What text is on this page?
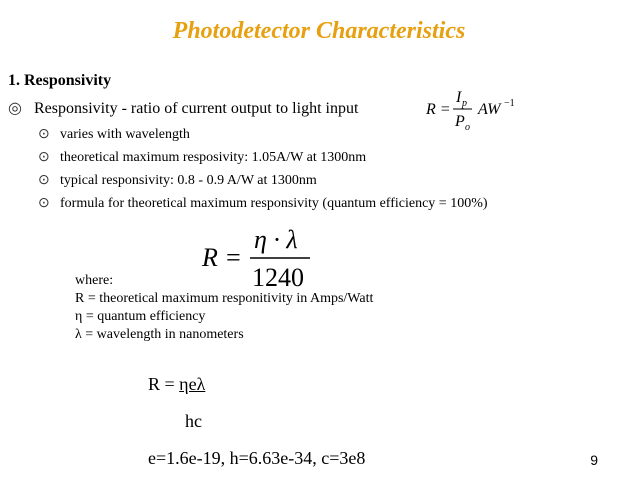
Photodetector Characteristics
1. Responsivity
◎ Responsivity - ratio of current output to light input	R =
I p
P o
AW −1
⊙ varies with wavelength
⊙ theoretical maximum resposivity: 1.05A/W at 1300nm
⊙ typical responsivity: 0.8 - 0.9 A/W at 1300nm
⊙ formula for theoretical maximum responsivity (quantum efficiency = 100%)
R =
η · λ
1240
where:
R = theoretical maximum responitivity in Amps/Watt
η = quantum efficiency
λ = wavelength in nanometers
R = ηeλ
hc
e=1.6e-19, h=6.63e-34, c=3e8	9
